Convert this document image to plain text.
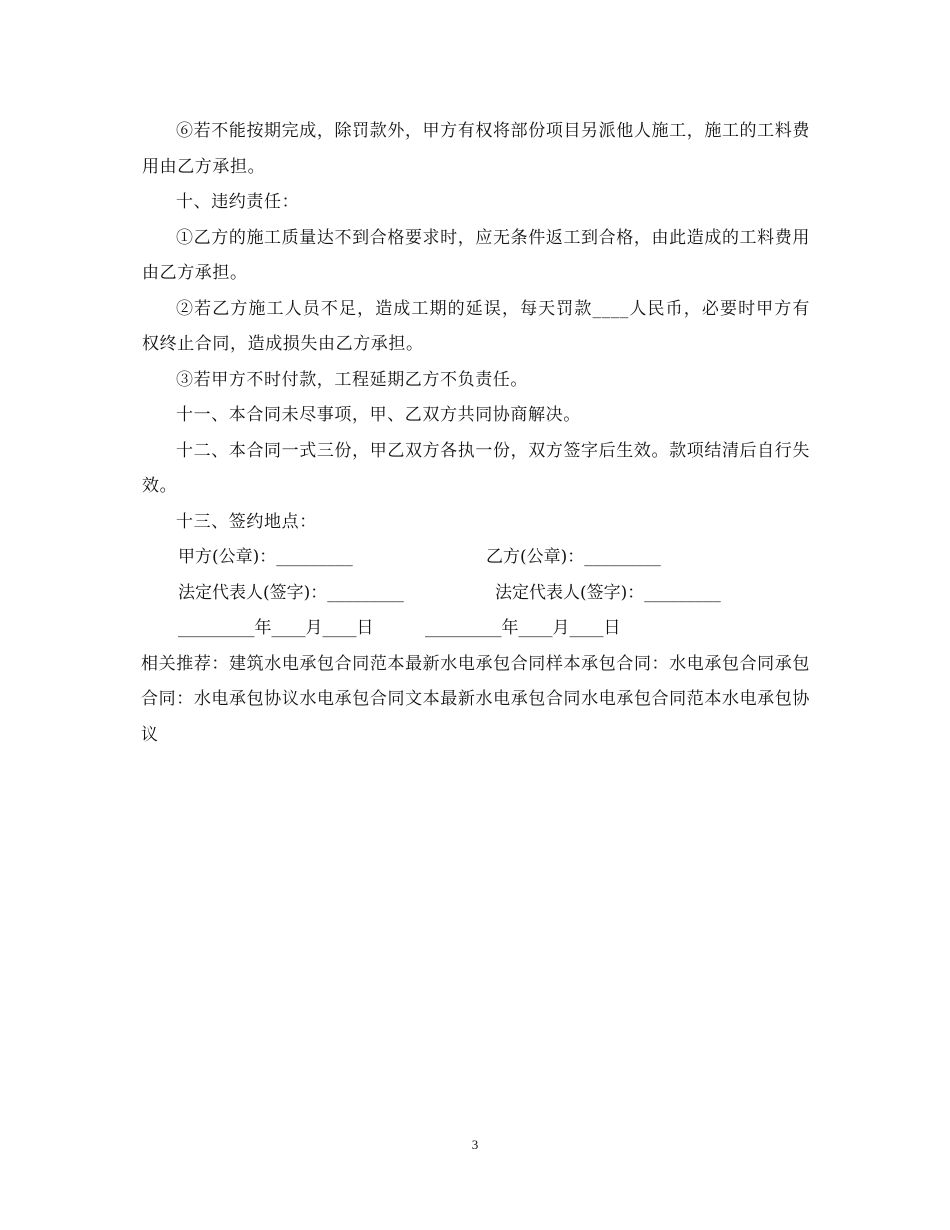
⑥若不能按期完成，除罚款外，甲方有权将部份项目另派他人施工，施工的工料费用由乙方承担。

十、违约责任：

①乙方的施工质量达不到合格要求时，应无条件返工到合格，由此造成的工料费用由乙方承担。

②若乙方施工人员不足，造成工期的延误，每天罚款____人民币，必要时甲方有权终止合同，造成损失由乙方承担。

③若甲方不时付款，工程延期乙方不负责任。

十一、本合同未尽事项，甲、乙双方共同协商解决。

十二、本合同一式三份，甲乙双方各执一份，双方签字后生效。款项结清后自行失效。

十三、签约地点：

甲方(公章)：_________	乙方(公章)：_________
法定代表人(签字)：_________	法定代表人(签字)：_________
_________年____月____日	_________年____月____日

相关推荐：建筑水电承包合同范本最新水电承包合同样本承包合同：水电承包合同承包合同：水电承包协议水电承包合同文本最新水电承包合同水电承包合同范本水电承包协议

3
